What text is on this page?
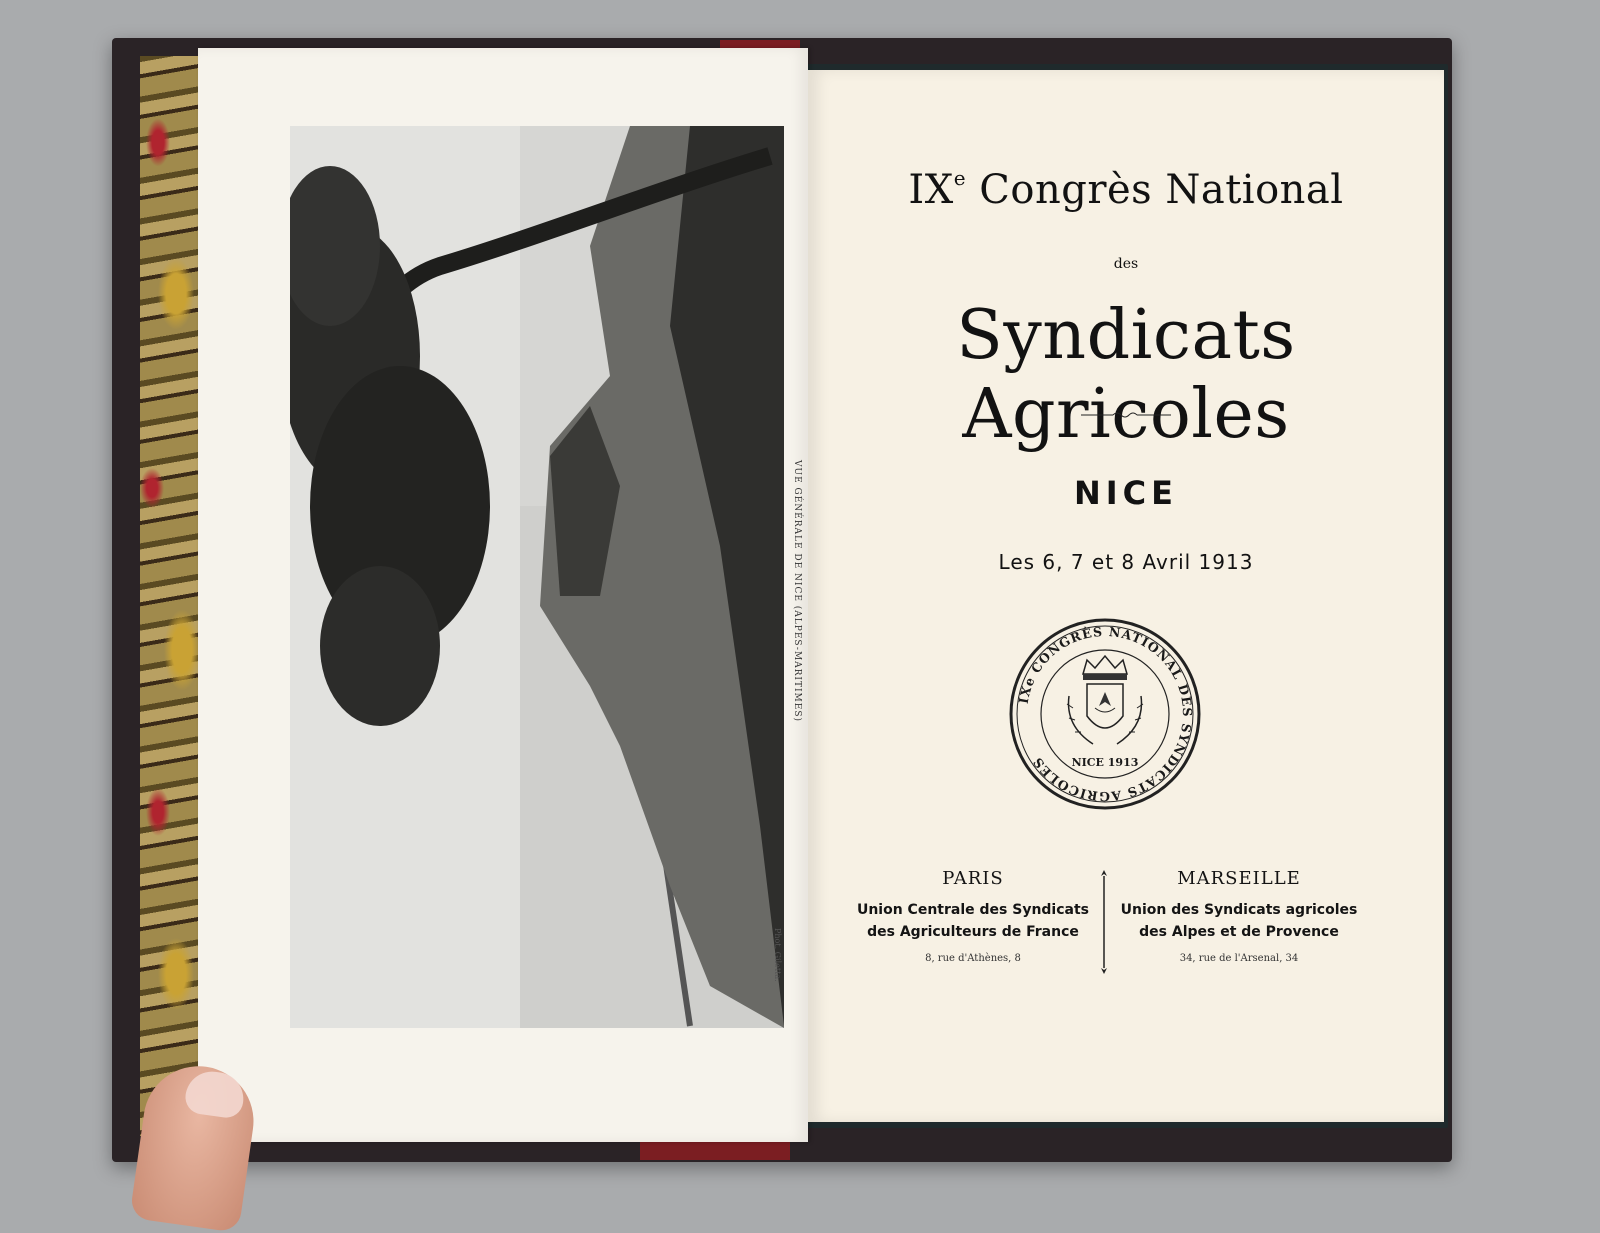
VUE GÉNÉRALE DE NICE (ALPES-MARITIMES)
Phot. Giletta.
IXe Congrès National
des
Syndicats Agricoles
NICE
Les 6, 7 et 8 Avril 1913
IXe CONGRÈS NATIONAL DES SYNDICATS AGRICOLES	NICE 1913
PARIS
Union Centrale des Syndicats
des Agriculteurs de France
8, rue d'Athènes, 8
MARSEILLE
Union des Syndicats agricoles
des Alpes et de Provence
34, rue de l'Arsenal, 34
